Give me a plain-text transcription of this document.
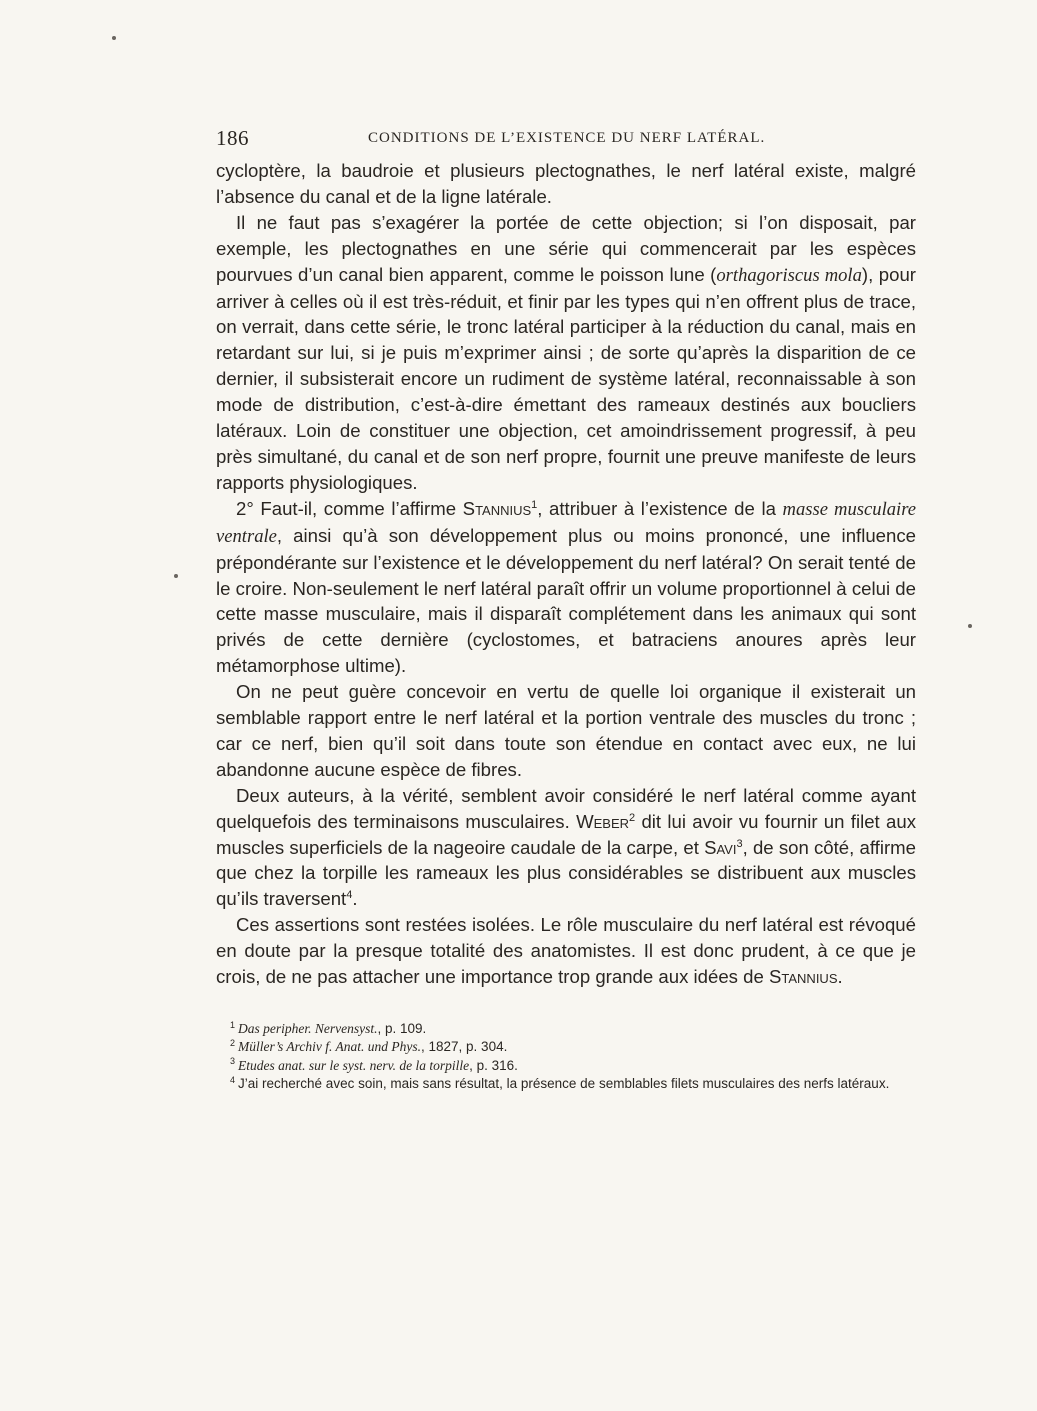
186	CONDITIONS DE L’EXISTENCE DU NERF LATÉRAL.

cycloptère, la baudroie et plusieurs plectognathes, le nerf latéral existe, malgré l’absence du canal et de la ligne latérale.

Il ne faut pas s’exagérer la portée de cette objection; si l’on disposait, par exemple, les plectognathes en une série qui commencerait par les espèces pourvues d’un canal bien apparent, comme le poisson lune (orthagoriscus mola), pour arriver à celles où il est très-réduit, et finir par les types qui n’en offrent plus de trace, on verrait, dans cette série, le tronc latéral participer à la réduction du canal, mais en retardant sur lui, si je puis m’exprimer ainsi ; de sorte qu’après la disparition de ce dernier, il subsisterait encore un rudiment de système latéral, reconnaissable à son mode de distribution, c’est-à-dire émettant des rameaux destinés aux boucliers latéraux. Loin de constituer une objection, cet amoindrissement progressif, à peu près simultané, du canal et de son nerf propre, fournit une preuve manifeste de leurs rapports physiologiques.

2° Faut-il, comme l’affirme Stannius$^1$, attribuer à l’existence de la masse musculaire ventrale, ainsi qu’à son développement plus ou moins prononcé, une influence prépondérante sur l’existence et le développement du nerf latéral? On serait tenté de le croire. Non-seulement le nerf latéral paraît offrir un volume proportionnel à celui de cette masse musculaire, mais il disparaît complétement dans les animaux qui sont privés de cette dernière (cyclostomes, et batraciens anoures après leur métamorphose ultime).

On ne peut guère concevoir en vertu de quelle loi organique il existerait un semblable rapport entre le nerf latéral et la portion ventrale des muscles du tronc ; car ce nerf, bien qu’il soit dans toute son étendue en contact avec eux, ne lui abandonne aucune espèce de fibres.

Deux auteurs, à la vérité, semblent avoir considéré le nerf latéral comme ayant quelquefois des terminaisons musculaires. Weber$^2$ dit lui avoir vu fournir un filet aux muscles superficiels de la nageoire caudale de la carpe, et Savi$^3$, de son côté, affirme que chez la torpille les rameaux les plus considérables se distribuent aux muscles qu’ils traversent$^4$.

Ces assertions sont restées isolées. Le rôle musculaire du nerf latéral est révoqué en doute par la presque totalité des anatomistes. Il est donc prudent, à ce que je crois, de ne pas attacher une importance trop grande aux idées de Stannius.

$^1$ Das peripher. Nervensyst., p. 109.

$^2$ Müller’s Archiv f. Anat. und Phys., 1827, p. 304.

$^3$ Etudes anat. sur le syst. nerv. de la torpille, p. 316.

$^4$ J’ai recherché avec soin, mais sans résultat, la présence de semblables filets musculaires des nerfs latéraux.
